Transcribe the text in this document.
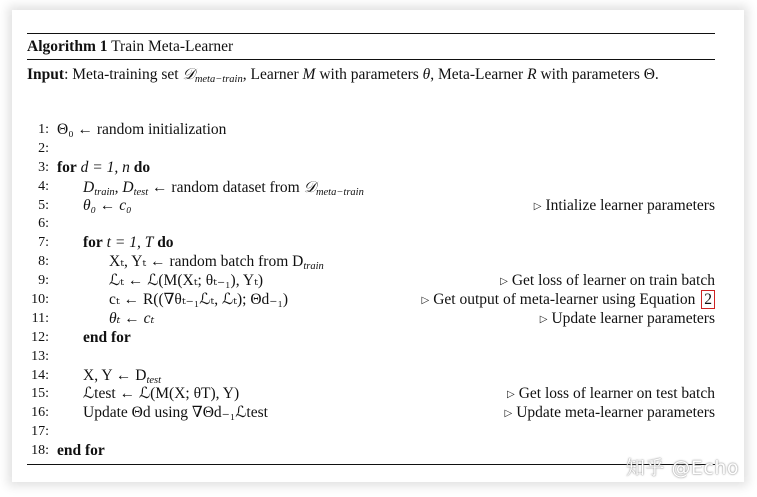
Algorithm 1 Train Meta-Learner
Input: Meta-training set 𝒟$_{meta-train}$, Learner M with parameters θ, Meta-Learner R with parameters Θ.
1: Θ₀ ← random initialization
2:
3: for d = 1, n do
4: $D_{train}$, $D_{test}$ ← random dataset from 𝒟$_{meta-train}$
5: θ₀ ← c₀	▷ Intialize learner parameters
6:
7: for t = 1, T do
8:	Xₜ, Yₜ ← random batch from $D_{train}$
9:	ℒₜ ← ℒ(M(Xₜ; θₜ₋₁), Yₜ)	▷ Get loss of learner on train batch
10:	cₜ ← R((∇θₜ₋₁ℒₜ, ℒₜ); Θd₋₁)	▷ Get output of meta-learner using Equation 2
11:	θₜ ← cₜ	▷ Update learner parameters
12: end for
13:
14: X, Y ← $D_{test}$
15: ℒtest ← ℒ(M(X; θT), Y)	▷ Get loss of learner on test batch
16: Update Θd using ∇Θd₋₁ℒtest	▷ Update meta-learner parameters
17:
18: end for
知乎 @Echo
